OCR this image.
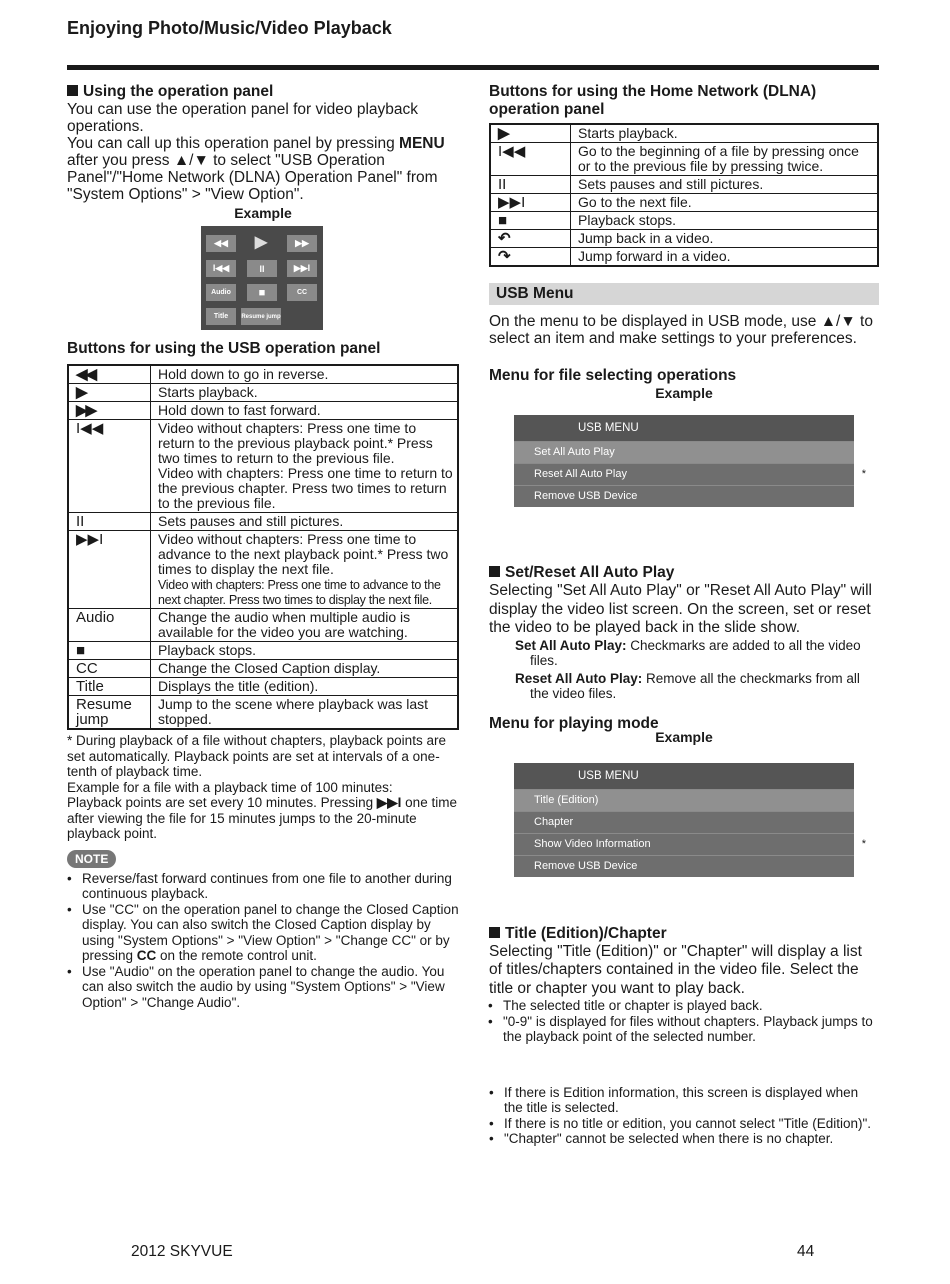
Enjoying Photo/Music/Video Playback

Using the operation panel

You can use the operation panel for video playback operations.

You can call up this operation panel by pressing MENU after you press ▲/▼ to select "USB Operation Panel"/"Home Network (DLNA) Operation Panel" from "System Options" > "View Option".

Example
◀◀	▶	▶▶
I◀◀	II	▶▶I
Audio	■	CC
Title	Resume jump

Buttons for using the USB operation panel

◀◀	Hold down to go in reverse.
▶	Starts playback.
▶▶	Hold down to fast forward.
I◀◀	Video without chapters: Press one time to return to the previous playback point.* Press two times to return to the previous file.
Video with chapters: Press one time to return to the previous chapter. Press two times to return to the previous file.
II	Sets pauses and still pictures.
▶▶I	Video without chapters: Press one time to advance to the next playback point.* Press two times to display the next file.
Video with chapters: Press one time to advance to the next chapter. Press two times to display the next file.
Audio	Change the audio when multiple audio is available for the video you are watching.
■	Playback stops.
CC	Change the Closed Caption display.
Title	Displays the title (edition).
Resume jump	Jump to the scene where playback was last stopped.

* During playback of a file without chapters, playback points are set automatically. Playback points are set at intervals of a one-tenth of playback time.

Example for a file with a playback time of 100 minutes:

Playback points are set every 10 minutes. Pressing ▶▶I one time after viewing the file for 15 minutes jumps to the 20-minute playback point.

NOTE
• Reverse/fast forward continues from one file to another during continuous playback.
• Use "CC" on the operation panel to change the Closed Caption display. You can also switch the Closed Caption display by using "System Options" > "View Option" > "Change CC" or by pressing CC on the remote control unit.
• Use "Audio" on the operation panel to change the audio. You can also switch the audio by using "System Options" > "View Option" > "Change Audio".

Buttons for using the Home Network (DLNA) operation panel

▶	Starts playback.
I◀◀	Go to the beginning of a file by pressing once or to the previous file by pressing twice.
II	Sets pauses and still pictures.
▶▶I	Go to the next file.
■	Playback stops.
↶	Jump back in a video.
↷	Jump forward in a video.
USB Menu

On the menu to be displayed in USB mode, use ▲/▼ to select an item and make settings to your preferences.

Menu for file selecting operations

Example
USB MENU
Set All Auto Play
Reset All Auto Play	*
Remove USB Device

Set/Reset All Auto Play

Selecting "Set All Auto Play" or "Reset All Auto Play" will display the video list screen. On the screen, set or reset the video to be played back in the slide show.

Set All Auto Play: Checkmarks are added to all the video files.

Reset All Auto Play: Remove all the checkmarks from all the video files.

Menu for playing mode

Example
USB MENU
Title (Edition)
Chapter
Show Video Information	*
Remove USB Device

Title (Edition)/Chapter

Selecting "Title (Edition)" or "Chapter" will display a list of titles/chapters contained in the video file. Select the title or chapter you want to play back.

• The selected title or chapter is played back.
• "0-9" is displayed for files without chapters. Playback jumps to the playback point of the selected number.
• If there is Edition information, this screen is displayed when the title is selected.
• If there is no title or edition, you cannot select "Title (Edition)".
• "Chapter" cannot be selected when there is no chapter.
2012 SKYVUE	44
